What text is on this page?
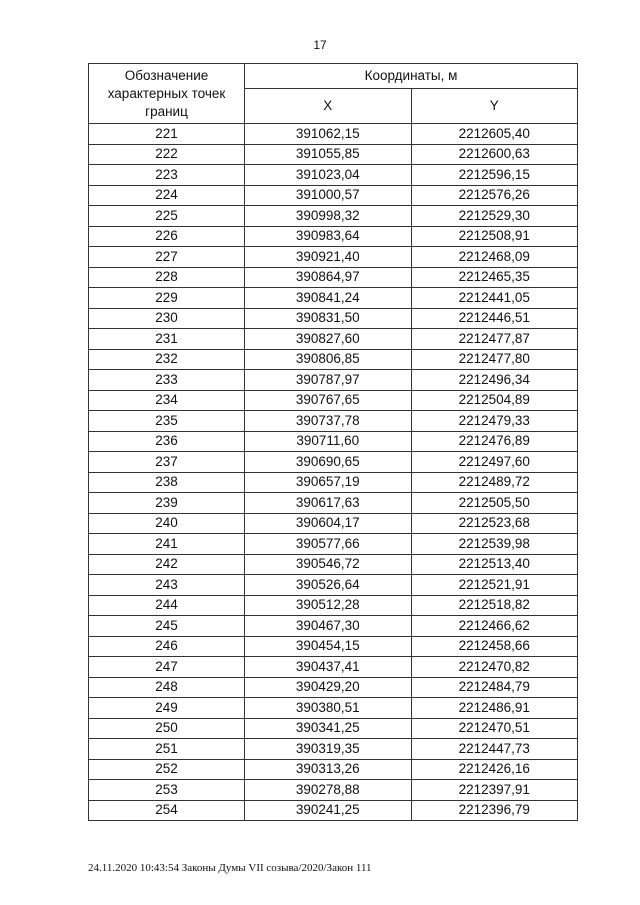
17
Обозначение характерных точек границ	Координаты, м	
	X	Y
221	391062,15	2212605,40
222	391055,85	2212600,63
223	391023,04	2212596,15
224	391000,57	2212576,26
225	390998,32	2212529,30
226	390983,64	2212508,91
227	390921,40	2212468,09
228	390864,97	2212465,35
229	390841,24	2212441,05
230	390831,50	2212446,51
231	390827,60	2212477,87
232	390806,85	2212477,80
233	390787,97	2212496,34
234	390767,65	2212504,89
235	390737,78	2212479,33
236	390711,60	2212476,89
237	390690,65	2212497,60
238	390657,19	2212489,72
239	390617,63	2212505,50
240	390604,17	2212523,68
241	390577,66	2212539,98
242	390546,72	2212513,40
243	390526,64	2212521,91
244	390512,28	2212518,82
245	390467,30	2212466,62
246	390454,15	2212458,66
247	390437,41	2212470,82
248	390429,20	2212484,79
249	390380,51	2212486,91
250	390341,25	2212470,51
251	390319,35	2212447,73
252	390313,26	2212426,16
253	390278,88	2212397,91
254	390241,25	2212396,79
24.11.2020 10:43:54 Законы Думы VII созыва/2020/Закон 111
